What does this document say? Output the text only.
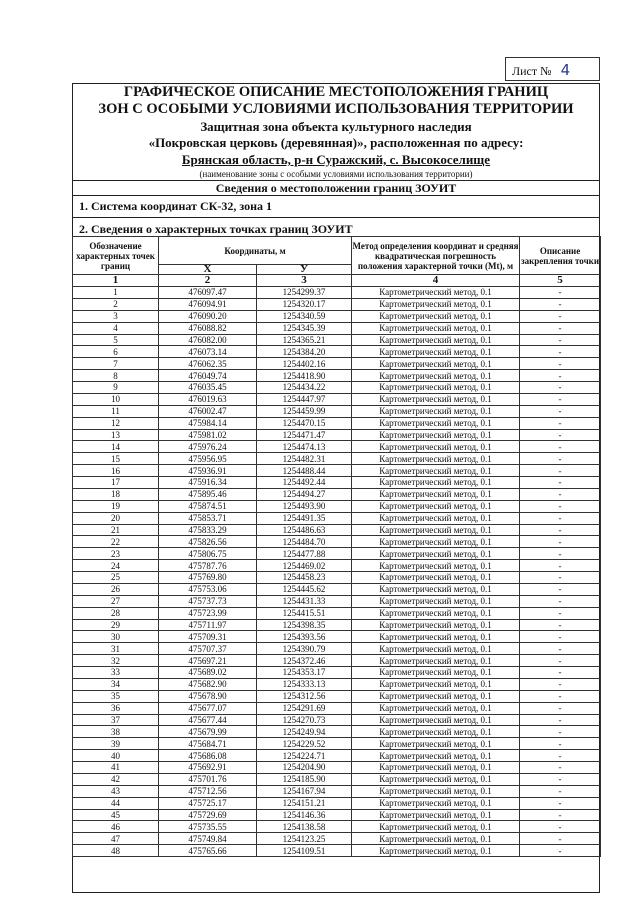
Лист № 4
ГРАФИЧЕСКОЕ ОПИСАНИЕ МЕСТОПОЛОЖЕНИЯ ГРАНИЦ
ЗОН С ОСОБЫМИ УСЛОВИЯМИ ИСПОЛЬЗОВАНИЯ ТЕРРИТОРИИ
Защитная зона объекта культурного наследия
«Покровская церковь (деревянная)», расположенная по адресу:
Брянская область, р-н Суражский, с. Высокоселище
(наименование зоны с особыми условиями использования территории)
Сведения о местоположении границ ЗОУИТ
1. Система координат СК-32, зона 1
2. Сведения о характерных точках границ ЗОУИТ
Обозначение характерных точек границ	Координаты, м		Метод определения координат и средняя квадратическая погрешность положения характерной точки (Mt), м	Описание закрепления точки
	X	У		
1	2	3	4	5
1	476097.47	1254299.37	Картометрический метод, 0.1	-
2	476094.91	1254320.17	Картометрический метод, 0.1	-
3	476090.20	1254340.59	Картометрический метод, 0.1	-
4	476088.82	1254345.39	Картометрический метод, 0.1	-
5	476082.00	1254365.21	Картометрический метод, 0.1	-
6	476073.14	1254384.20	Картометрический метод, 0.1	-
7	476062.35	1254402.16	Картометрический метод, 0.1	-
8	476049.74	1254418.90	Картометрический метод, 0.1	-
9	476035.45	1254434.22	Картометрический метод, 0.1	-
10	476019.63	1254447.97	Картометрический метод, 0.1	-
11	476002.47	1254459.99	Картометрический метод, 0.1	-
12	475984.14	1254470.15	Картометрический метод, 0.1	-
13	475981.02	1254471.47	Картометрический метод, 0.1	-
14	475976.24	1254474.13	Картометрический метод, 0.1	-
15	475956.95	1254482.31	Картометрический метод, 0.1	-
16	475936.91	1254488.44	Картометрический метод, 0.1	-
17	475916.34	1254492.44	Картометрический метод, 0.1	-
18	475895.46	1254494.27	Картометрический метод, 0.1	-
19	475874.51	1254493.90	Картометрический метод, 0.1	-
20	475853.71	1254491.35	Картометрический метод, 0.1	-
21	475833.29	1254486.63	Картометрический метод, 0.1	-
22	475826.56	1254484.70	Картометрический метод, 0.1	-
23	475806.75	1254477.88	Картометрический метод, 0.1	-
24	475787.76	1254469.02	Картометрический метод, 0.1	-
25	475769.80	1254458.23	Картометрический метод, 0.1	-
26	475753.06	1254445.62	Картометрический метод, 0.1	-
27	475737.73	1254431.33	Картометрический метод, 0.1	-
28	475723.99	1254415.51	Картометрический метод, 0.1	-
29	475711.97	1254398.35	Картометрический метод, 0.1	-
30	475709.31	1254393.56	Картометрический метод, 0.1	-
31	475707.37	1254390.79	Картометрический метод, 0.1	-
32	475697.21	1254372.46	Картометрический метод, 0.1	-
33	475689.02	1254353.17	Картометрический метод, 0.1	-
34	475682.90	1254333.13	Картометрический метод, 0.1	-
35	475678.90	1254312.56	Картометрический метод, 0.1	-
36	475677.07	1254291.69	Картометрический метод, 0.1	-
37	475677.44	1254270.73	Картометрический метод, 0.1	-
38	475679.99	1254249.94	Картометрический метод, 0.1	-
39	475684.71	1254229.52	Картометрический метод, 0.1	-
40	475686.08	1254224.71	Картометрический метод, 0.1	-
41	475692.91	1254204.90	Картометрический метод, 0.1	-
42	475701.76	1254185.90	Картометрический метод, 0.1	-
43	475712.56	1254167.94	Картометрический метод, 0.1	-
44	475725.17	1254151.21	Картометрический метод, 0.1	-
45	475729.69	1254146.36	Картометрический метод, 0.1	-
46	475735.55	1254138.58	Картометрический метод, 0.1	-
47	475749.84	1254123.25	Картометрический метод, 0.1	-
48	475765.66	1254109.51	Картометрический метод, 0.1	-
